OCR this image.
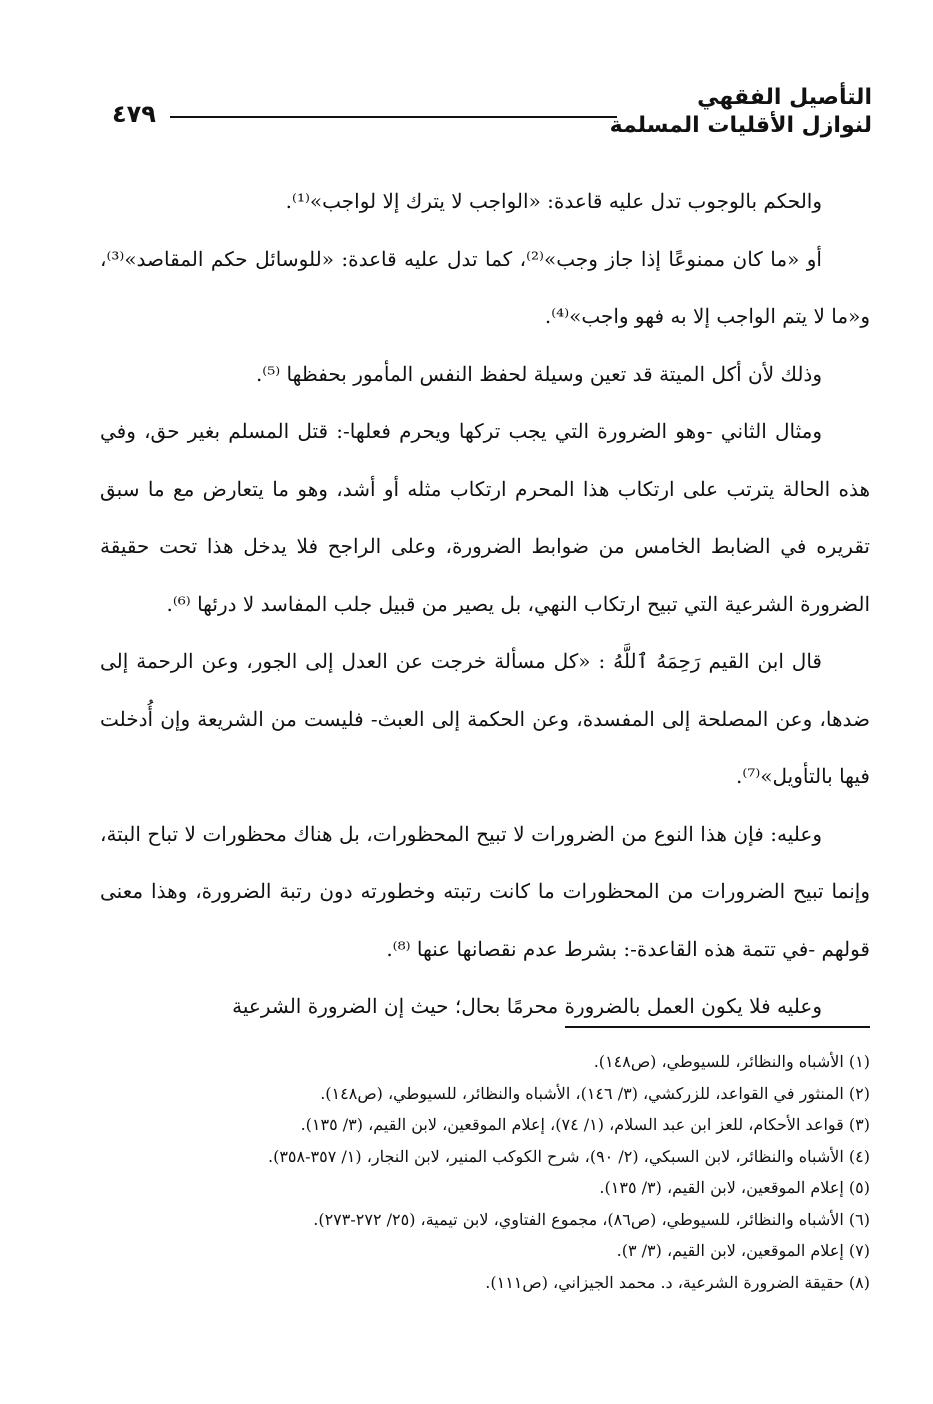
التأصيل الفقهي
لنوازل الأقليات المسلمة
٤٧٩

والحكم بالوجوب تدل عليه قاعدة: «الواجب لا يترك إلا لواجب»⁽¹⁾.

أو «ما كان ممنوعًا إذا جاز وجب»⁽²⁾، كما تدل عليه قاعدة: «للوسائل حكم المقاصد»⁽³⁾، و«ما لا يتم الواجب إلا به فهو واجب»⁽⁴⁾.

وذلك لأن أكل الميتة قد تعين وسيلة لحفظ النفس المأمور بحفظها ⁽⁵⁾.

ومثال الثاني -وهو الضرورة التي يجب تركها ويحرم فعلها-: قتل المسلم بغير حق، وفي هذه الحالة يترتب على ارتكاب هذا المحرم ارتكاب مثله أو أشد، وهو ما يتعارض مع ما سبق تقريره في الضابط الخامس من ضوابط الضرورة، وعلى الراجح فلا يدخل هذا تحت حقيقة الضرورة الشرعية التي تبيح ارتكاب النهي، بل يصير من قبيل جلب المفاسد لا درئها ⁽⁶⁾.

قال ابن القيم رَحِمَهُ ٱللَّهُ : «كل مسألة خرجت عن العدل إلى الجور، وعن الرحمة إلى ضدها، وعن المصلحة إلى المفسدة، وعن الحكمة إلى العبث- فليست من الشريعة وإن أُدخلت فيها بالتأويل»⁽⁷⁾.

وعليه: فإن هذا النوع من الضرورات لا تبيح المحظورات، بل هناك محظورات لا تباح البتة، وإنما تبيح الضرورات من المحظورات ما كانت رتبته وخطورته دون رتبة الضرورة، وهذا معنى قولهم -في تتمة هذه القاعدة-: بشرط عدم نقصانها عنها ⁽⁸⁾.

وعليه فلا يكون العمل بالضرورة محرمًا بحال؛ حيث إن الضرورة الشرعية

(١) الأشباه والنظائر، للسيوطي، (ص١٤٨).

(٢) المنثور في القواعد، للزركشي، (٣/ ١٤٦)، الأشباه والنظائر، للسيوطي، (ص١٤٨).

(٣) قواعد الأحكام، للعز ابن عبد السلام، (١/ ٧٤)، إعلام الموقعين، لابن القيم، (٣/ ١٣٥).

(٤) الأشباه والنظائر، لابن السبكي، (٢/ ٩٠)، شرح الكوكب المنير، لابن النجار، (١/ ٣٥٧-٣٥٨).

(٥) إعلام الموقعين، لابن القيم، (٣/ ١٣٥).

(٦) الأشباه والنظائر، للسيوطي، (ص٨٦)، مجموع الفتاوي، لابن تيمية، (٢٥/ ٢٧٢-٢٧٣).

(٧) إعلام الموقعين، لابن القيم، (٣/ ٣).

(٨) حقيقة الضرورة الشرعية، د. محمد الجيزاني، (ص١١١).
